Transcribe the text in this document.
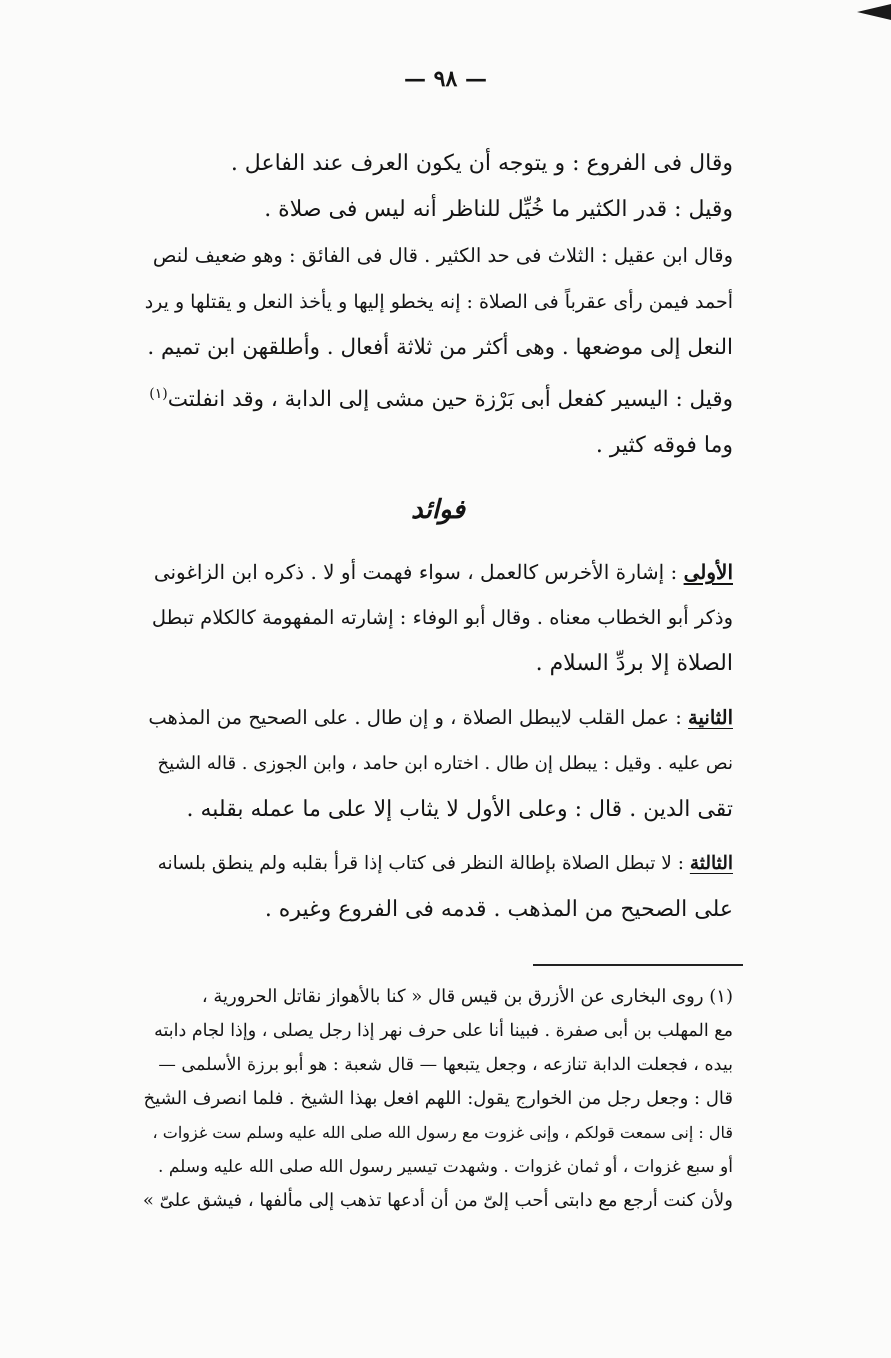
— ٩٨ —
وقال فى الفروع : و يتوجه أن يكون العرف عند الفاعل .
وقيل : قدر الكثير ما خُيِّل للناظر أنه ليس فى صلاة .
وقال ابن عقيل : الثلاث فى حد الكثير . قال فى الفائق : وهو ضعيف لنص
أحمد فيمن رأى عقرباً فى الصلاة : إنه يخطو إليها و يأخذ النعل و يقتلها و يرد
النعل إلى موضعها . وهى أكثر من ثلاثة أفعال . وأطلقهن ابن تميم .
وقيل : اليسير كفعل أبى بَرْزة حين مشى إلى الدابة ، وقد انفلتت$^{(١)}$
وما فوقه كثير .
فوائد
الأولى : إشارة الأخرس كالعمل ، سواء فهمت أو لا . ذكره ابن الزاغونى
وذكر أبو الخطاب معناه . وقال أبو الوفاء : إشارته المفهومة كالكلام تبطل
الصلاة إلا بردِّ السلام .
الثانية : عمل القلب لايبطل الصلاة ، و إن طال . على الصحيح من المذهب
نص عليه . وقيل : يبطل إن طال . اختاره ابن حامد ، وابن الجوزى . قاله الشيخ
تقى الدين . قال : وعلى الأول لا يثاب إلا على ما عمله بقلبه .
الثالثة : لا تبطل الصلاة بإطالة النظر فى كتاب إذا قرأ بقلبه ولم ينطق بلسانه
على الصحيح من المذهب . قدمه فى الفروع وغيره .
(١) روى البخارى عن الأزرق بن قيس قال « كنا بالأهواز نقاتل الحرورية ،
مع المهلب بن أبى صفرة . فبينا أنا على حرف نهر إذا رجل يصلى ، وإذا لجام دابته
بيده ، فجعلت الدابة تنازعه ، وجعل يتبعها — قال شعبة : هو أبو برزة الأسلمى —
قال : وجعل رجل من الخوارج يقول: اللهم افعل بهذا الشيخ . فلما انصرف الشيخ
قال : إنى سمعت قولكم ، وإنى غزوت مع رسول الله صلى الله عليه وسلم ست غزوات ،
أو سبع غزوات ، أو ثمان غزوات . وشهدت تيسير رسول الله صلى الله عليه وسلم .
ولأن كنت أرجع مع دابتى أحب إلىّ من أن أدعها تذهب إلى مألفها ، فيشق علىّ »
